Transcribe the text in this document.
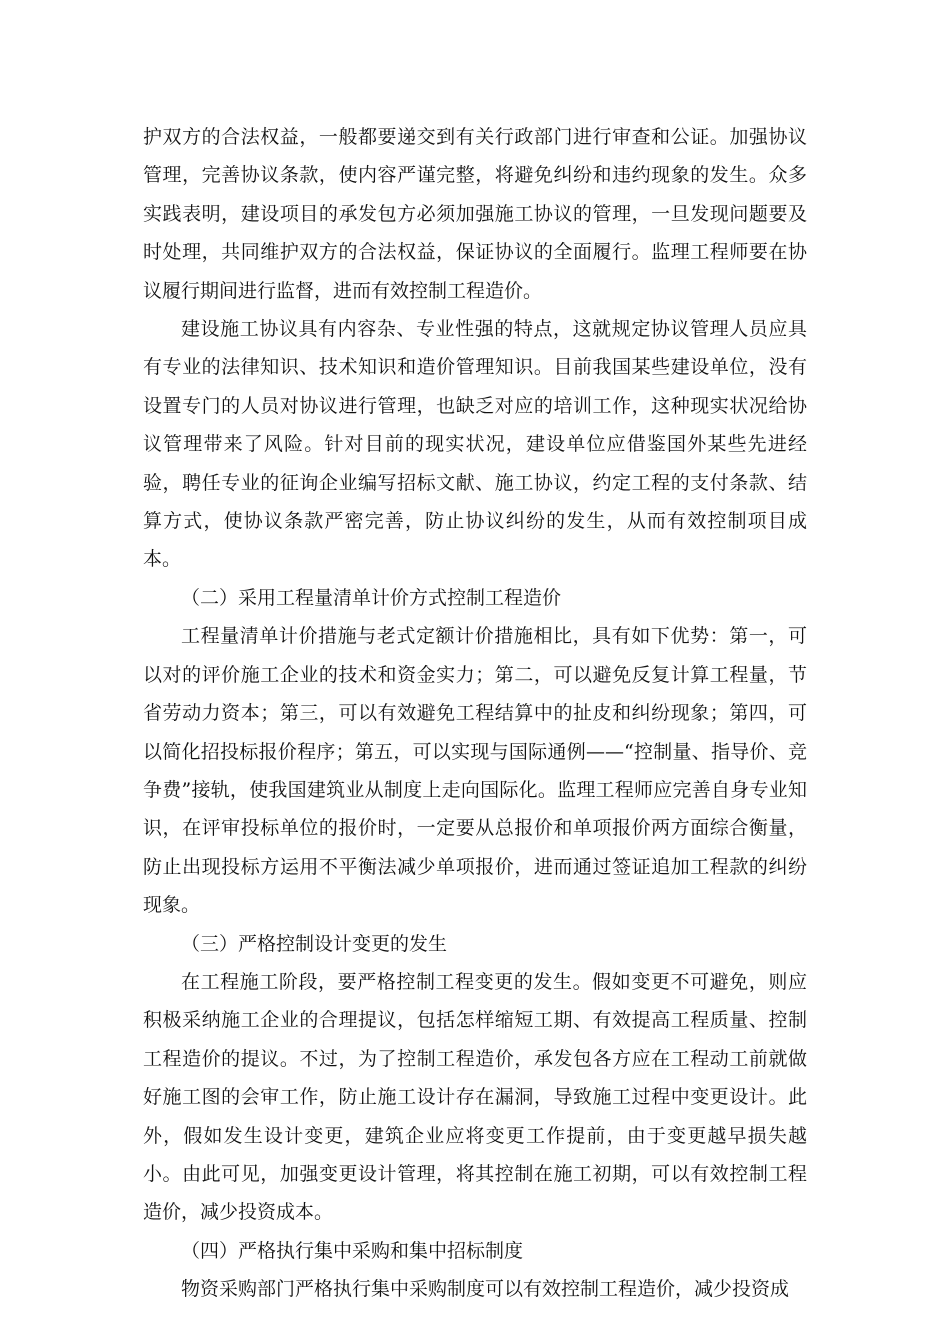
护双方的合法权益，一般都要递交到有关行政部门进行审查和公证。加强协议管理，完善协议条款，使内容严谨完整，将避免纠纷和违约现象的发生。众多实践表明，建设项目的承发包方必须加强施工协议的管理，一旦发现问题要及时处理，共同维护双方的合法权益，保证协议的全面履行。监理工程师要在协议履行期间进行监督，进而有效控制工程造价。

建设施工协议具有内容杂、专业性强的特点，这就规定协议管理人员应具有专业的法律知识、技术知识和造价管理知识。目前我国某些建设单位，没有设置专门的人员对协议进行管理，也缺乏对应的培训工作，这种现实状况给协议管理带来了风险。针对目前的现实状况，建设单位应借鉴国外某些先进经验，聘任专业的征询企业编写招标文献、施工协议，约定工程的支付条款、结算方式，使协议条款严密完善，防止协议纠纷的发生，从而有效控制项目成本。

（二）采用工程量清单计价方式控制工程造价

工程量清单计价措施与老式定额计价措施相比，具有如下优势：第一，可以对的评价施工企业的技术和资金实力；第二，可以避免反复计算工程量，节省劳动力资本；第三，可以有效避免工程结算中的扯皮和纠纷现象；第四，可以简化招投标报价程序；第五，可以实现与国际通例——“控制量、指导价、竞争费”接轨，使我国建筑业从制度上走向国际化。监理工程师应完善自身专业知识，在评审投标单位的报价时，一定要从总报价和单项报价两方面综合衡量，防止出现投标方运用不平衡法减少单项报价，进而通过签证追加工程款的纠纷现象。

（三）严格控制设计变更的发生

在工程施工阶段，要严格控制工程变更的发生。假如变更不可避免，则应积极采纳施工企业的合理提议，包括怎样缩短工期、有效提高工程质量、控制工程造价的提议。不过，为了控制工程造价，承发包各方应在工程动工前就做好施工图的会审工作，防止施工设计存在漏洞，导致施工过程中变更设计。此外，假如发生设计变更，建筑企业应将变更工作提前，由于变更越早损失越小。由此可见，加强变更设计管理，将其控制在施工初期，可以有效控制工程造价，减少投资成本。

（四）严格执行集中采购和集中招标制度

物资采购部门严格执行集中采购制度可以有效控制工程造价，减少投资成
